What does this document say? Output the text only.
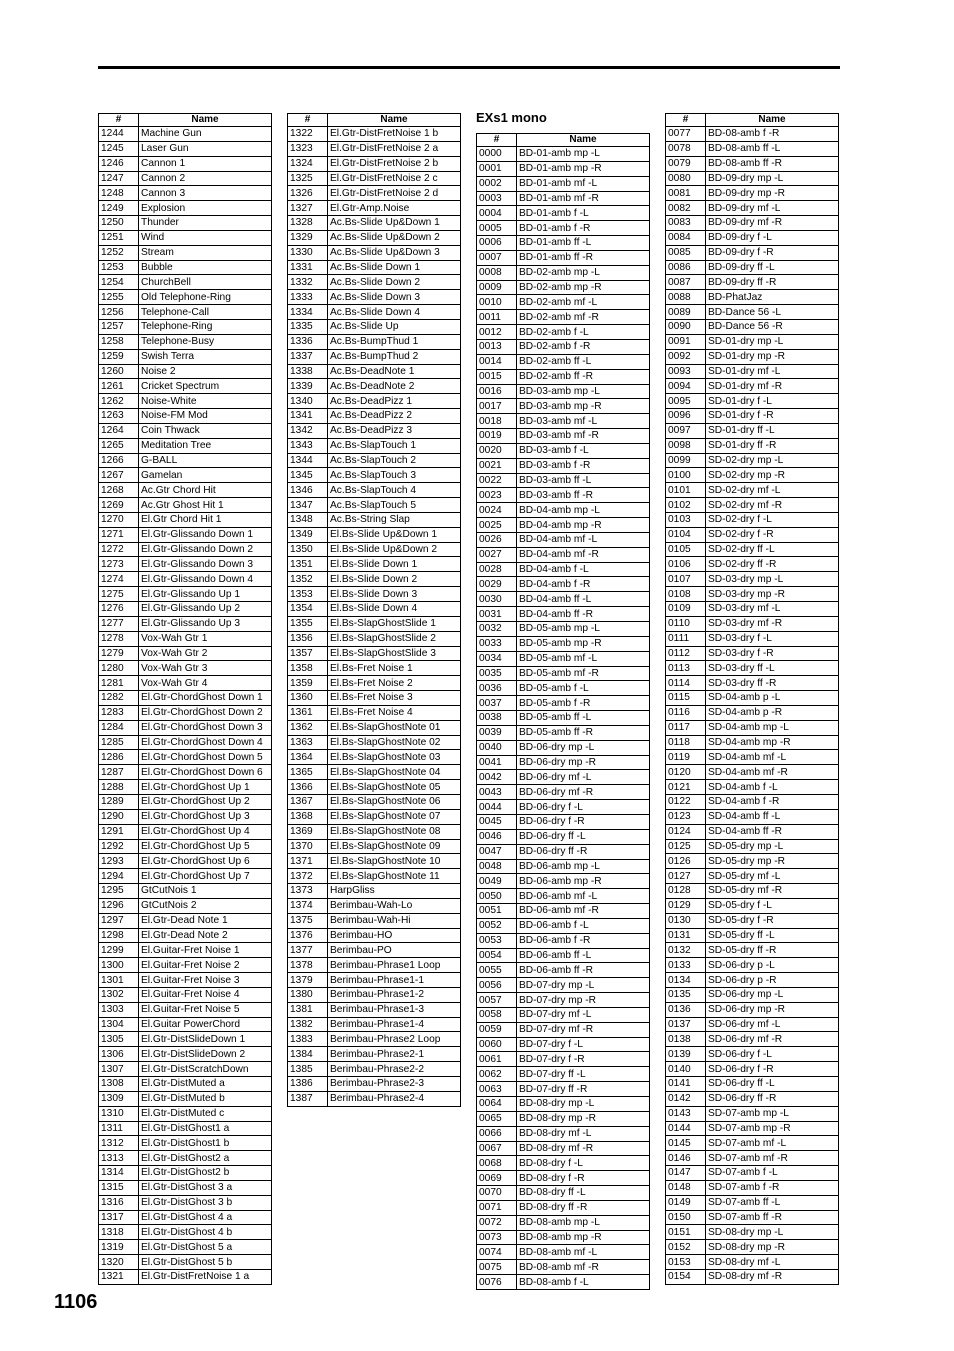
EXs1 mono
#	Name
1244	Machine Gun
1245	Laser Gun
1246	Cannon 1
1247	Cannon 2
1248	Cannon 3
1249	Explosion
1250	Thunder
1251	Wind
1252	Stream
1253	Bubble
1254	ChurchBell
1255	Old Telephone-Ring
1256	Telephone-Call
1257	Telephone-Ring
1258	Telephone-Busy
1259	Swish Terra
1260	Noise 2
1261	Cricket Spectrum
1262	Noise-White
1263	Noise-FM Mod
1264	Coin Thwack
1265	Meditation Tree
1266	G-BALL
1267	Gamelan
1268	Ac.Gtr Chord Hit
1269	Ac.Gtr Ghost Hit 1
1270	El.Gtr Chord Hit 1
1271	El.Gtr-Glissando Down 1
1272	El.Gtr-Glissando Down 2
1273	El.Gtr-Glissando Down 3
1274	El.Gtr-Glissando Down 4
1275	El.Gtr-Glissando Up 1
1276	El.Gtr-Glissando Up 2
1277	El.Gtr-Glissando Up 3
1278	Vox-Wah Gtr 1
1279	Vox-Wah Gtr 2
1280	Vox-Wah Gtr 3
1281	Vox-Wah Gtr 4
1282	El.Gtr-ChordGhost Down 1
1283	El.Gtr-ChordGhost Down 2
1284	El.Gtr-ChordGhost Down 3
1285	El.Gtr-ChordGhost Down 4
1286	El.Gtr-ChordGhost Down 5
1287	El.Gtr-ChordGhost Down 6
1288	El.Gtr-ChordGhost Up 1
1289	El.Gtr-ChordGhost Up 2
1290	El.Gtr-ChordGhost Up 3
1291	El.Gtr-ChordGhost Up 4
1292	El.Gtr-ChordGhost Up 5
1293	El.Gtr-ChordGhost Up 6
1294	El.Gtr-ChordGhost Up 7
1295	GtCutNois 1
1296	GtCutNois 2
1297	El.Gtr-Dead Note 1
1298	El.Gtr-Dead Note 2
1299	El.Guitar-Fret Noise 1
1300	El.Guitar-Fret Noise 2
1301	El.Guitar-Fret Noise 3
1302	El.Guitar-Fret Noise 4
1303	El.Guitar-Fret Noise 5
1304	El.Guitar PowerChord
1305	El.Gtr-DistSlideDown 1
1306	El.Gtr-DistSlideDown 2
1307	El.Gtr-DistScratchDown
1308	El.Gtr-DistMuted a
1309	El.Gtr-DistMuted b
1310	El.Gtr-DistMuted c
1311	El.Gtr-DistGhost1 a
1312	El.Gtr-DistGhost1 b
1313	El.Gtr-DistGhost2 a
1314	El.Gtr-DistGhost2 b
1315	El.Gtr-DistGhost 3 a
1316	El.Gtr-DistGhost 3 b
1317	El.Gtr-DistGhost 4 a
1318	El.Gtr-DistGhost 4 b
1319	El.Gtr-DistGhost 5 a
1320	El.Gtr-DistGhost 5 b
1321	El.Gtr-DistFretNoise 1 a
#	Name
1322	El.Gtr-DistFretNoise 1 b
1323	El.Gtr-DistFretNoise 2 a
1324	El.Gtr-DistFretNoise 2 b
1325	El.Gtr-DistFretNoise 2 c
1326	El.Gtr-DistFretNoise 2 d
1327	El.Gtr-Amp.Noise
1328	Ac.Bs-Slide Up&Down 1
1329	Ac.Bs-Slide Up&Down 2
1330	Ac.Bs-Slide Up&Down 3
1331	Ac.Bs-Slide Down 1
1332	Ac.Bs-Slide Down 2
1333	Ac.Bs-Slide Down 3
1334	Ac.Bs-Slide Down 4
1335	Ac.Bs-Slide Up
1336	Ac.Bs-BumpThud 1
1337	Ac.Bs-BumpThud 2
1338	Ac.Bs-DeadNote 1
1339	Ac.Bs-DeadNote 2
1340	Ac.Bs-DeadPizz 1
1341	Ac.Bs-DeadPizz 2
1342	Ac.Bs-DeadPizz 3
1343	Ac.Bs-SlapTouch 1
1344	Ac.Bs-SlapTouch 2
1345	Ac.Bs-SlapTouch 3
1346	Ac.Bs-SlapTouch 4
1347	Ac.Bs-SlapTouch 5
1348	Ac.Bs-String Slap
1349	El.Bs-Slide Up&Down 1
1350	El.Bs-Slide Up&Down 2
1351	El.Bs-Slide Down 1
1352	El.Bs-Slide Down 2
1353	El.Bs-Slide Down 3
1354	El.Bs-Slide Down 4
1355	El.Bs-SlapGhostSlide 1
1356	El.Bs-SlapGhostSlide 2
1357	El.Bs-SlapGhostSlide 3
1358	El.Bs-Fret Noise 1
1359	El.Bs-Fret Noise 2
1360	El.Bs-Fret Noise 3
1361	El.Bs-Fret Noise 4
1362	El.Bs-SlapGhostNote 01
1363	El.Bs-SlapGhostNote 02
1364	El.Bs-SlapGhostNote 03
1365	El.Bs-SlapGhostNote 04
1366	El.Bs-SlapGhostNote 05
1367	El.Bs-SlapGhostNote 06
1368	El.Bs-SlapGhostNote 07
1369	El.Bs-SlapGhostNote 08
1370	El.Bs-SlapGhostNote 09
1371	El.Bs-SlapGhostNote 10
1372	El.Bs-SlapGhostNote 11
1373	HarpGliss
1374	Berimbau-Wah-Lo
1375	Berimbau-Wah-Hi
1376	Berimbau-HO
1377	Berimbau-PO
1378	Berimbau-Phrase1 Loop
1379	Berimbau-Phrase1-1
1380	Berimbau-Phrase1-2
1381	Berimbau-Phrase1-3
1382	Berimbau-Phrase1-4
1383	Berimbau-Phrase2 Loop
1384	Berimbau-Phrase2-1
1385	Berimbau-Phrase2-2
1386	Berimbau-Phrase2-3
1387	Berimbau-Phrase2-4
#	Name
0000	BD-01-amb mp -L
0001	BD-01-amb mp -R
0002	BD-01-amb mf -L
0003	BD-01-amb mf -R
0004	BD-01-amb f -L
0005	BD-01-amb f -R
0006	BD-01-amb ff -L
0007	BD-01-amb ff -R
0008	BD-02-amb mp -L
0009	BD-02-amb mp -R
0010	BD-02-amb mf -L
0011	BD-02-amb mf -R
0012	BD-02-amb f -L
0013	BD-02-amb f -R
0014	BD-02-amb ff -L
0015	BD-02-amb ff -R
0016	BD-03-amb mp -L
0017	BD-03-amb mp -R
0018	BD-03-amb mf -L
0019	BD-03-amb mf -R
0020	BD-03-amb f -L
0021	BD-03-amb f -R
0022	BD-03-amb ff -L
0023	BD-03-amb ff -R
0024	BD-04-amb mp -L
0025	BD-04-amb mp -R
0026	BD-04-amb mf -L
0027	BD-04-amb mf -R
0028	BD-04-amb f -L
0029	BD-04-amb f -R
0030	BD-04-amb ff -L
0031	BD-04-amb ff -R
0032	BD-05-amb mp -L
0033	BD-05-amb mp -R
0034	BD-05-amb mf -L
0035	BD-05-amb mf -R
0036	BD-05-amb f -L
0037	BD-05-amb f -R
0038	BD-05-amb ff -L
0039	BD-05-amb ff -R
0040	BD-06-dry mp -L
0041	BD-06-dry mp -R
0042	BD-06-dry mf -L
0043	BD-06-dry mf -R
0044	BD-06-dry f -L
0045	BD-06-dry f -R
0046	BD-06-dry ff -L
0047	BD-06-dry ff -R
0048	BD-06-amb mp -L
0049	BD-06-amb mp -R
0050	BD-06-amb mf -L
0051	BD-06-amb mf -R
0052	BD-06-amb f -L
0053	BD-06-amb f -R
0054	BD-06-amb ff -L
0055	BD-06-amb ff -R
0056	BD-07-dry mp -L
0057	BD-07-dry mp -R
0058	BD-07-dry mf -L
0059	BD-07-dry mf -R
0060	BD-07-dry f -L
0061	BD-07-dry f -R
0062	BD-07-dry ff -L
0063	BD-07-dry ff -R
0064	BD-08-dry mp -L
0065	BD-08-dry mp -R
0066	BD-08-dry mf -L
0067	BD-08-dry mf -R
0068	BD-08-dry f -L
0069	BD-08-dry f -R
0070	BD-08-dry ff -L
0071	BD-08-dry ff -R
0072	BD-08-amb mp -L
0073	BD-08-amb mp -R
0074	BD-08-amb mf -L
0075	BD-08-amb mf -R
0076	BD-08-amb f -L
#	Name
0077	BD-08-amb f -R
0078	BD-08-amb ff -L
0079	BD-08-amb ff -R
0080	BD-09-dry mp -L
0081	BD-09-dry mp -R
0082	BD-09-dry mf -L
0083	BD-09-dry mf -R
0084	BD-09-dry f -L
0085	BD-09-dry f -R
0086	BD-09-dry ff -L
0087	BD-09-dry ff -R
0088	BD-PhatJaz
0089	BD-Dance 56 -L
0090	BD-Dance 56 -R
0091	SD-01-dry mp -L
0092	SD-01-dry mp -R
0093	SD-01-dry mf -L
0094	SD-01-dry mf -R
0095	SD-01-dry f -L
0096	SD-01-dry f -R
0097	SD-01-dry ff -L
0098	SD-01-dry ff -R
0099	SD-02-dry mp -L
0100	SD-02-dry mp -R
0101	SD-02-dry mf -L
0102	SD-02-dry mf -R
0103	SD-02-dry f -L
0104	SD-02-dry f -R
0105	SD-02-dry ff -L
0106	SD-02-dry ff -R
0107	SD-03-dry mp -L
0108	SD-03-dry mp -R
0109	SD-03-dry mf -L
0110	SD-03-dry mf -R
0111	SD-03-dry f -L
0112	SD-03-dry f -R
0113	SD-03-dry ff -L
0114	SD-03-dry ff -R
0115	SD-04-amb p -L
0116	SD-04-amb p -R
0117	SD-04-amb mp -L
0118	SD-04-amb mp -R
0119	SD-04-amb mf -L
0120	SD-04-amb mf -R
0121	SD-04-amb f -L
0122	SD-04-amb f -R
0123	SD-04-amb ff -L
0124	SD-04-amb ff -R
0125	SD-05-dry mp -L
0126	SD-05-dry mp -R
0127	SD-05-dry mf -L
0128	SD-05-dry mf -R
0129	SD-05-dry f -L
0130	SD-05-dry f -R
0131	SD-05-dry ff -L
0132	SD-05-dry ff -R
0133	SD-06-dry p -L
0134	SD-06-dry p -R
0135	SD-06-dry mp -L
0136	SD-06-dry mp -R
0137	SD-06-dry mf -L
0138	SD-06-dry mf -R
0139	SD-06-dry f -L
0140	SD-06-dry f -R
0141	SD-06-dry ff -L
0142	SD-06-dry ff -R
0143	SD-07-amb mp -L
0144	SD-07-amb mp -R
0145	SD-07-amb mf -L
0146	SD-07-amb mf -R
0147	SD-07-amb f -L
0148	SD-07-amb f -R
0149	SD-07-amb ff -L
0150	SD-07-amb ff -R
0151	SD-08-dry mp -L
0152	SD-08-dry mp -R
0153	SD-08-dry mf -L
0154	SD-08-dry mf -R
1106
